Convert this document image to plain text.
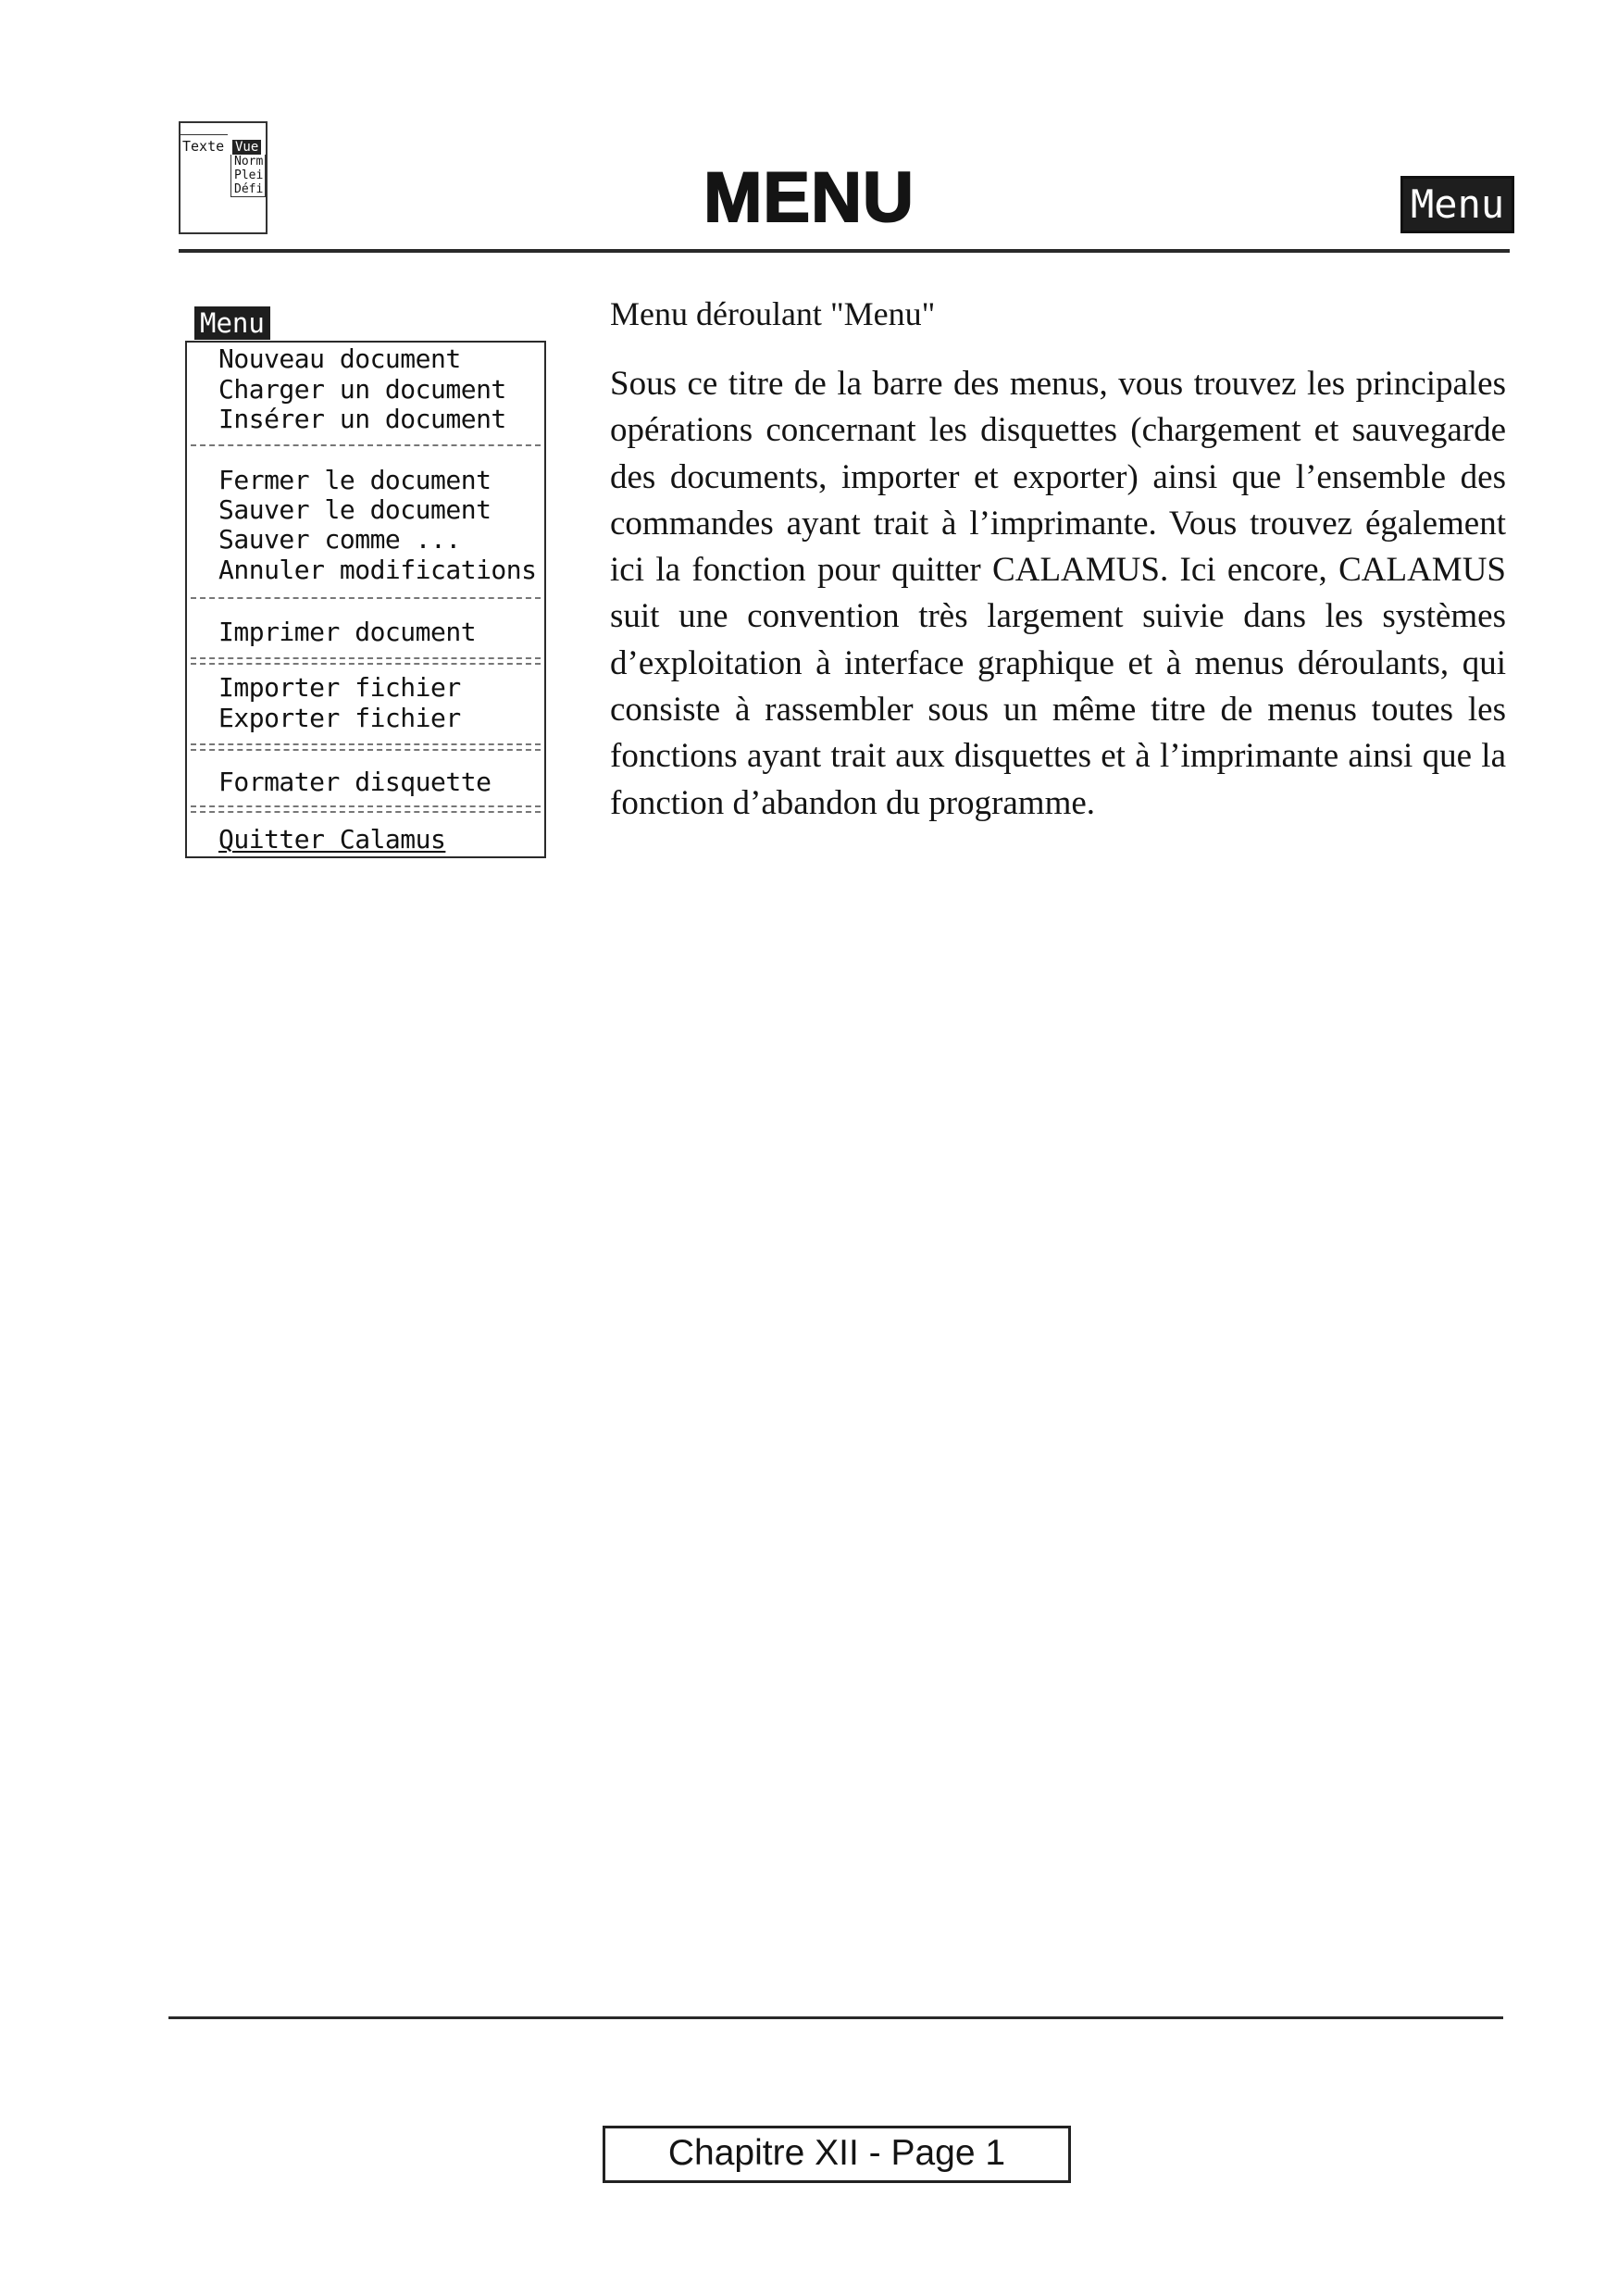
Texte Vue
Norm
Plei
Défi	MENU	Menu
Menu
Nouveau document
Charger un document
Insérer un document
Fermer le document
Sauver le document
Sauver comme ...
Annuler modifications
Imprimer document
Importer fichier
Exporter fichier
Formater disquette
Quitter Calamus
Menu déroulant "Menu"
Sous ce titre de la barre des menus, vous trouvez les principales opérations concernant les disquettes (chargement et sauvegarde des documents, importer et exporter) ainsi que l’ensemble des commandes ayant trait à l’imprimante. Vous trouvez également ici la fonction pour quitter CALAMUS. Ici encore, CALAMUS suit une convention très largement suivie dans les systèmes d’exploitation à interface graphique et à menus déroulants, qui consiste à rassembler sous un même titre de menus toutes les fonctions ayant trait aux disquettes et à l’imprimante ainsi que la fonction d’abandon du programme.
Chapitre XII - Page 1
